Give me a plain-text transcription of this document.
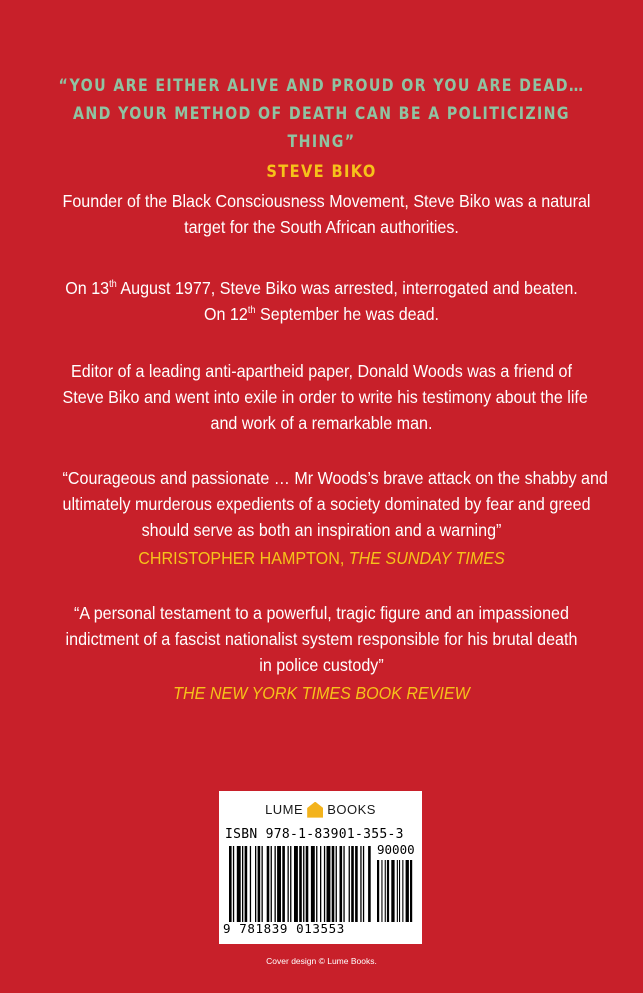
“YOU ARE EITHER ALIVE AND PROUD OR YOU ARE DEAD…
AND YOUR METHOD OF DEATH CAN BE A POLITICIZING THING”
STEVE BIKO
Founder of the Black Consciousness Movement, Steve Biko was a natural
target for the South African authorities.
On 13th August 1977, Steve Biko was arrested, interrogated and beaten.
On 12th September he was dead.
Editor of a leading anti-apartheid paper, Donald Woods was a friend of
Steve Biko and went into exile in order to write his testimony about the life
and work of a remarkable man.
“Courageous and passionate … Mr Woods’s brave attack on the shabby and
ultimately murderous expedients of a society dominated by fear and greed
should serve as both an inspiration and a warning”
CHRISTOPHER HAMPTON, THE SUNDAY TIMES
“A personal testament to a powerful, tragic figure and an impassioned
indictment of a fascist nationalist system responsible for his brutal death
in police custody”
THE NEW YORK TIMES BOOK REVIEW
LUME BOOKS
ISBN 978-1-83901-355-3
90000
9 781839 013553
Cover design © Lume Books.
